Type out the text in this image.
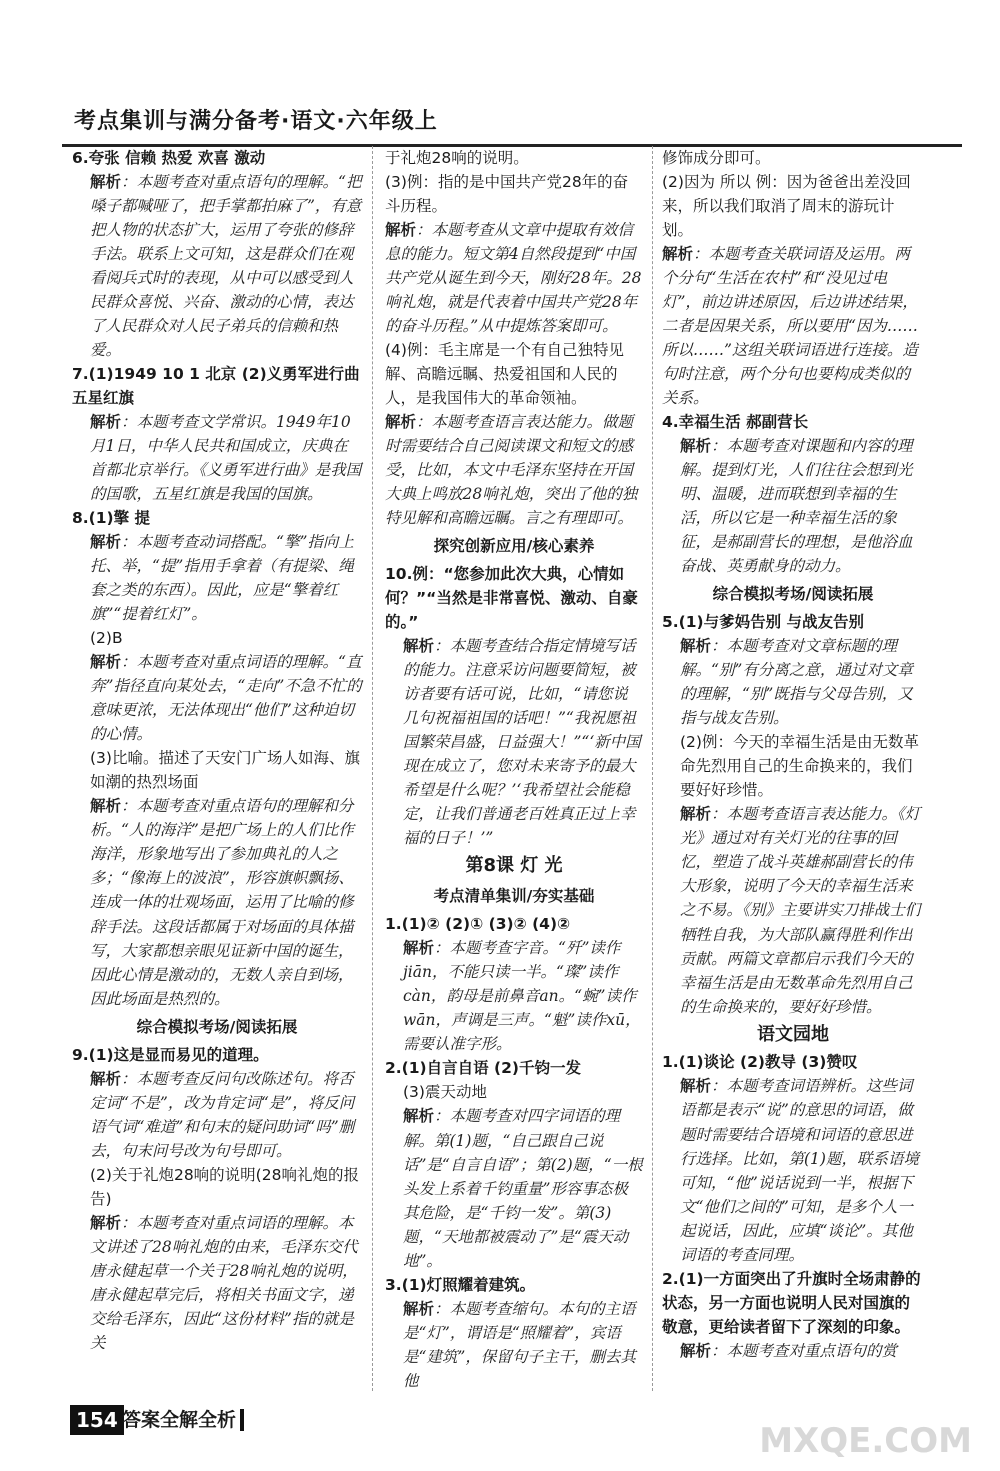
考点集训与满分备考·语文·六年级上

6.夸张 信赖 热爱 欢喜 激动

解析：本题考查对重点语句的理解。“把嗓子都喊哑了，把手掌都拍麻了”，有意把人物的状态扩大，运用了夸张的修辞手法。联系上文可知，这是群众们在观看阅兵式时的表现，从中可以感受到人民群众喜悦、兴奋、激动的心情，表达了人民群众对人民子弟兵的信赖和热爱。

7.(1)1949 10 1 北京 (2)义勇军进行曲 五星红旗

解析：本题考查文学常识。1949年10月1日，中华人民共和国成立，庆典在首都北京举行。《义勇军进行曲》是我国的国歌，五星红旗是我国的国旗。

8.(1)擎 提

解析：本题考查动词搭配。“擎”指向上托、举，“提”指用手拿着（有提梁、绳套之类的东西）。因此，应是“擎着红旗”“提着红灯”。

(2)B

解析：本题考查对重点词语的理解。“直奔”指径直向某处去，“走向”不急不忙的意味更浓，无法体现出“他们”这种迫切的心情。

(3)比喻。描述了天安门广场人如海、旗如潮的热烈场面

解析：本题考查对重点语句的理解和分析。“人的海洋”是把广场上的人们比作海洋，形象地写出了参加典礼的人之多；“像海上的波浪”，形容旗帜飘扬、连成一体的壮观场面，运用了比喻的修辞手法。这段话都属于对场面的具体描写，大家都想亲眼见证新中国的诞生，因此心情是激动的，无数人亲自到场，因此场面是热烈的。

综合模拟考场/阅读拓展

9.(1)这是显而易见的道理。

解析：本题考查反问句改陈述句。将否定词“不是”，改为肯定词“是”，将反问语气词“难道”和句末的疑问助词“吗”删去，句末问号改为句号即可。

(2)关于礼炮28响的说明(28响礼炮的报告)

解析：本题考查对重点词语的理解。本文讲述了28响礼炮的由来，毛泽东交代唐永健起草一个关于28响礼炮的说明，唐永健起草完后，将相关书面文字，递交给毛泽东，因此“这份材料”指的就是关

于礼炮28响的说明。

(3)例：指的是中国共产党28年的奋斗历程。

解析：本题考查从文章中提取有效信息的能力。短文第4自然段提到“中国共产党从诞生到今天，刚好28年。28响礼炮，就是代表着中国共产党28年的奋斗历程。”从中提炼答案即可。

(4)例：毛主席是一个有自己独特见解、高瞻远瞩、热爱祖国和人民的人，是我国伟大的革命领袖。

解析：本题考查语言表达能力。做题时需要结合自己阅读课文和短文的感受，比如，本文中毛泽东坚持在开国大典上鸣放28响礼炮，突出了他的独特见解和高瞻远瞩。言之有理即可。

探究创新应用/核心素养

10.例：“您参加此次大典，心情如何？”“当然是非常喜悦、激动、自豪的。”

解析：本题考查结合指定情境写话的能力。注意采访问题要简短，被访者要有话可说，比如，“请您说几句祝福祖国的话吧！”“我祝愿祖国繁荣昌盛，日益强大！”“‘新中国现在成立了，您对未来寄予的最大希望是什么呢？’‘我希望社会能稳定，让我们普通老百姓真正过上幸福的日子！’”

第8课 灯 光

考点清单集训/夯实基础

1.(1)② (2)① (3)② (4)②

解析：本题考查字音。“歼”读作jiān，不能只读一半。“璨”读作càn，韵母是前鼻音an。“蜿”读作wān，声调是三声。“魁”读作xū，需要认准字形。

2.(1)自言自语 (2)千钧一发

(3)震天动地

解析：本题考查对四字词语的理解。第(1)题，“自己跟自己说话”是“自言自语”；第(2)题，“一根头发上系着千钧重量”形容事态极其危险，是“千钧一发”。第(3)题，“天地都被震动了”是“震天动地”。

3.(1)灯照耀着建筑。

解析：本题考查缩句。本句的主语是“灯”，谓语是“照耀着”，宾语是“建筑”，保留句子主干，删去其他

修饰成分即可。

(2)因为 所以 例：因为爸爸出差没回来，所以我们取消了周末的游玩计划。

解析：本题考查关联词语及运用。两个分句“生活在农村”和“没见过电灯”，前边讲述原因，后边讲述结果，二者是因果关系，所以要用“因为……所以……”这组关联词语进行连接。造句时注意，两个分句也要构成类似的关系。

4.幸福生活 郝副营长

解析：本题考查对课题和内容的理解。提到灯光，人们往往会想到光明、温暖，进而联想到幸福的生活，所以它是一种幸福生活的象征，是郝副营长的理想，是他浴血奋战、英勇献身的动力。

综合模拟考场/阅读拓展

5.(1)与爹妈告别 与战友告别

解析：本题考查对文章标题的理解。“别”有分离之意，通过对文章的理解，“别”既指与父母告别，又指与战友告别。

(2)例：今天的幸福生活是由无数革命先烈用自己的生命换来的，我们要好好珍惜。

解析：本题考查语言表达能力。《灯光》通过对有关灯光的往事的回忆，塑造了战斗英雄郝副营长的伟大形象，说明了今天的幸福生活来之不易。《别》主要讲实刀排战士们牺牲自我，为大部队赢得胜利作出贡献。两篇文章都启示我们今天的幸福生活是由无数革命先烈用自己的生命换来的，要好好珍惜。

语文园地

1.(1)谈论 (2)教导 (3)赞叹

解析：本题考查词语辨析。这些词语都是表示“说”的意思的词语，做题时需要结合语境和词语的意思进行选择。比如，第(1)题，联系语境可知，“他”说话说到一半，根据下文“他们之间的”可知，是多个人一起说话，因此，应填“谈论”。其他词语的考查同理。

2.(1)一方面突出了升旗时全场肃静的状态，另一方面也说明人民对国旗的敬意，更给读者留下了深刻的印象。

解析：本题考查对重点语句的赏

154 答案全解全析
MXQE.COM
